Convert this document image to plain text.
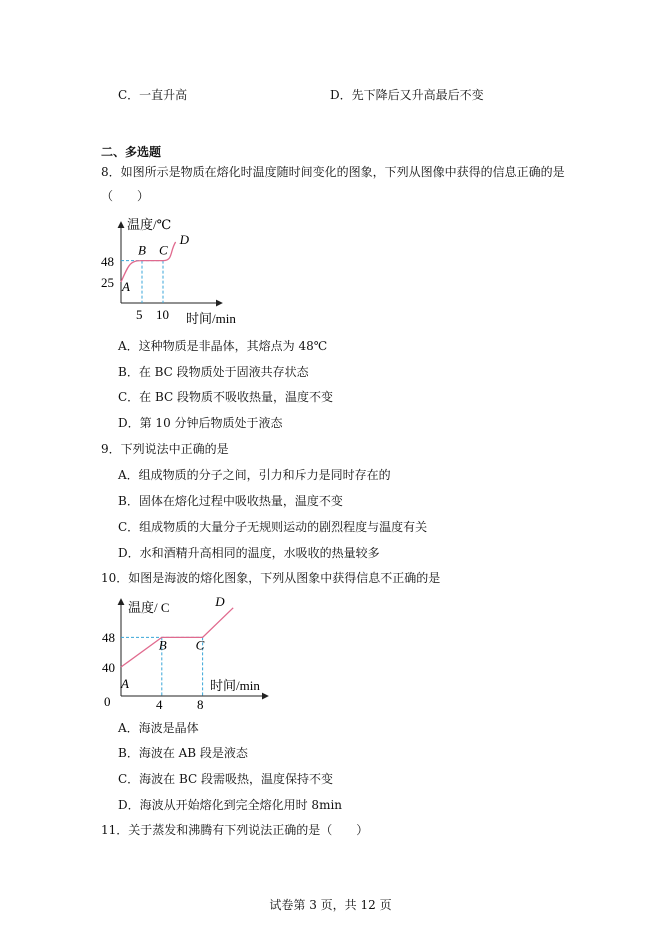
C．一直升高	D．先下降后又升高最后不变
二、多选题
8．如图所示是物质在熔化时温度随时间变化的图象，下列从图像中获得的信息正确的是
（　　）
温度/℃
时间/min
48
25
5 10
A
B C
D
A．这种物质是非晶体，其熔点为 48℃
B．在 BC 段物质处于固液共存状态
C．在 BC 段物质不吸收热量，温度不变
D．第 10 分钟后物质处于液态
9．下列说法中正确的是
A．组成物质的分子之间，引力和斥力是同时存在的
B．固体在熔化过程中吸收热量，温度不变
C．组成物质的大量分子无规则运动的剧烈程度与温度有关
D．水和酒精升高相同的温度，水吸收的热量较多
10．如图是海波的熔化图象，下列从图象中获得信息不正确的是
温度/ C
时间/min
0
48
40
4	8
A
B C
D
A．海波是晶体
B．海波在 AB 段是液态
C．海波在 BC 段需吸热，温度保持不变
D．海波从开始熔化到完全熔化用时 8min
11．关于蒸发和沸腾有下列说法正确的是（　　）
试卷第 3 页，共 12 页
